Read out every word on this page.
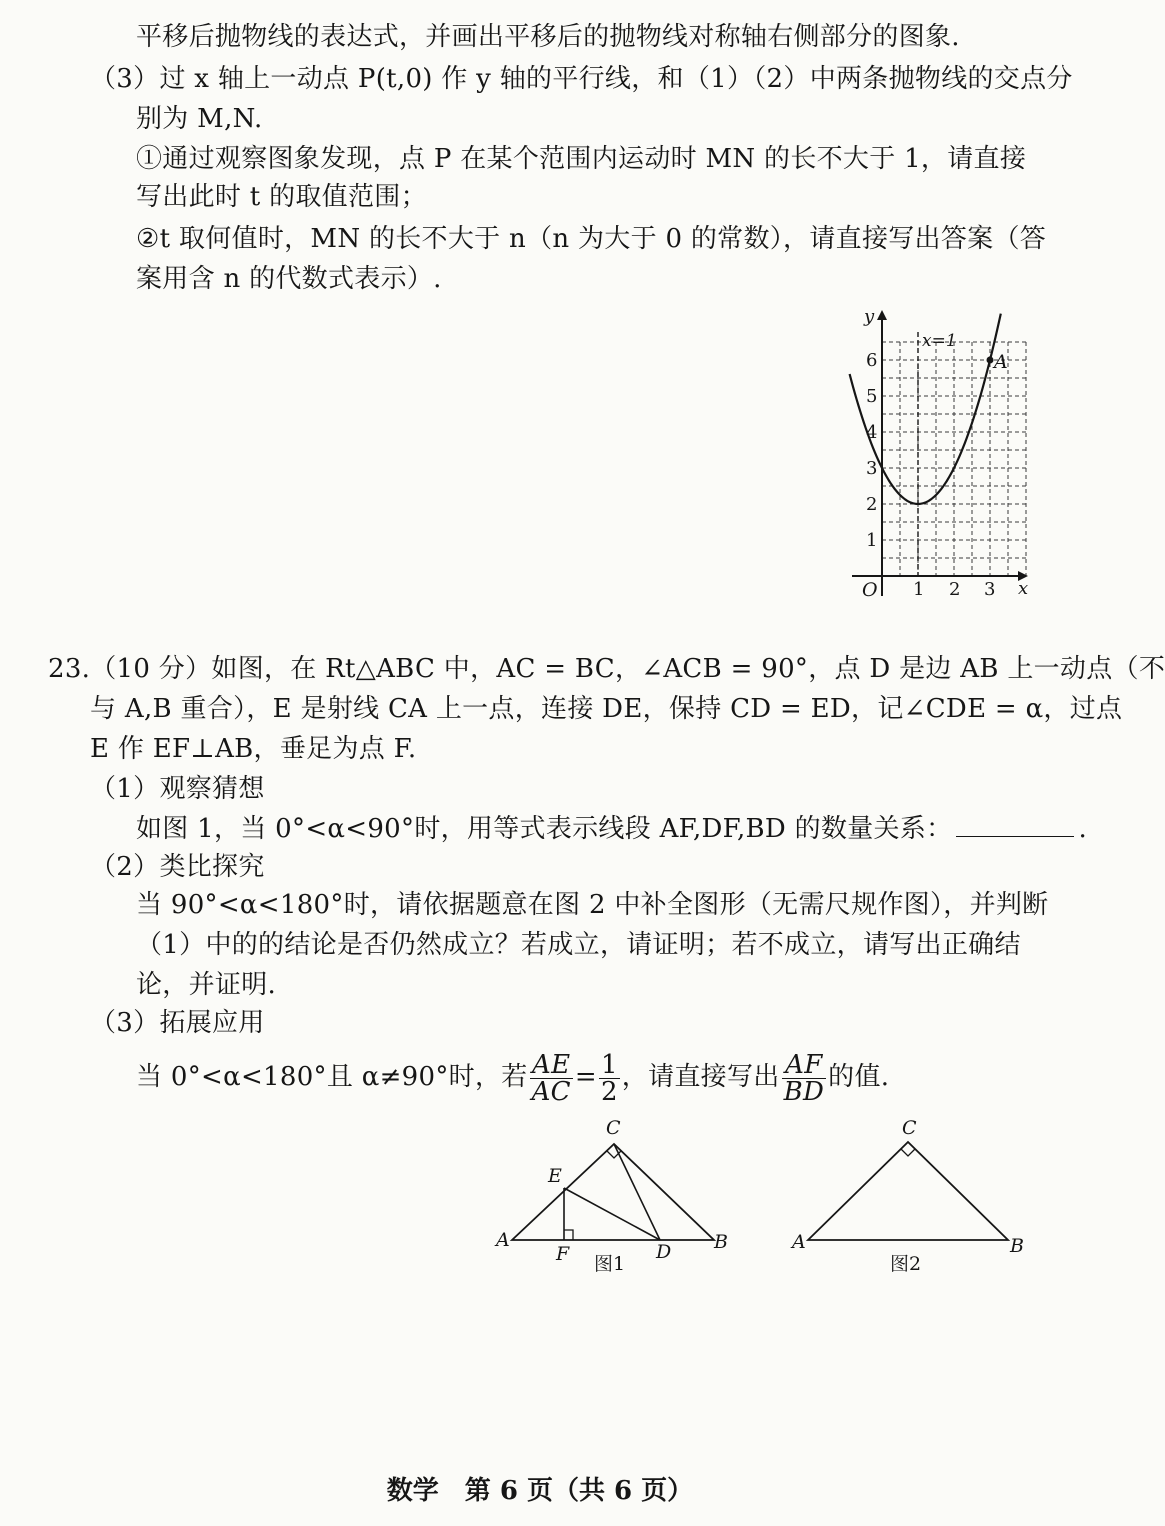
平移后抛物线的表达式，并画出平移后的抛物线对称轴右侧部分的图象.
（3）过 x 轴上一动点 P(t,0) 作 y 轴的平行线，和（1）（2）中两条抛物线的交点分
别为 M,N.
①通过观察图象发现，点 P 在某个范围内运动时 MN 的长不大于 1，请直接
写出此时 t 的取值范围；
②t 取何值时，MN 的长不大于 n（n 为大于 0 的常数），请直接写出答案（答
案用含 n 的代数式表示）.
y
x
O
x=1
A
1 2 3
1
2
3
4
5
6
23.（10 分）如图，在 Rt△ABC 中，AC = BC，∠ACB = 90°，点 D 是边 AB 上一动点（不
与 A,B 重合），E 是射线 CA 上一点，连接 DE，保持 CD = ED，记∠CDE = α，过点
E 作 EF⊥AB，垂足为点 F.
（1）观察猜想
如图 1，当 0°<α<90°时，用等式表示线段 AF,DF,BD 的数量关系：	.
（2）类比探究
当 90°<α<180°时，请依据题意在图 2 中补全图形（无需尺规作图），并判断
（1）中的的结论是否仍然成立？若成立，请证明；若不成立，请写出正确结
论，并证明.
（3）拓展应用
当 0°<α<180°且 α≠90°时，若 $\frac{AE}{AC} = \frac{1}{2}$ ，请直接写出 $\frac{AF}{BD}$ 的值.
A	B
C
D
E
F 图1
A	B
C
图2
数学　第 6 页（共 6 页）
